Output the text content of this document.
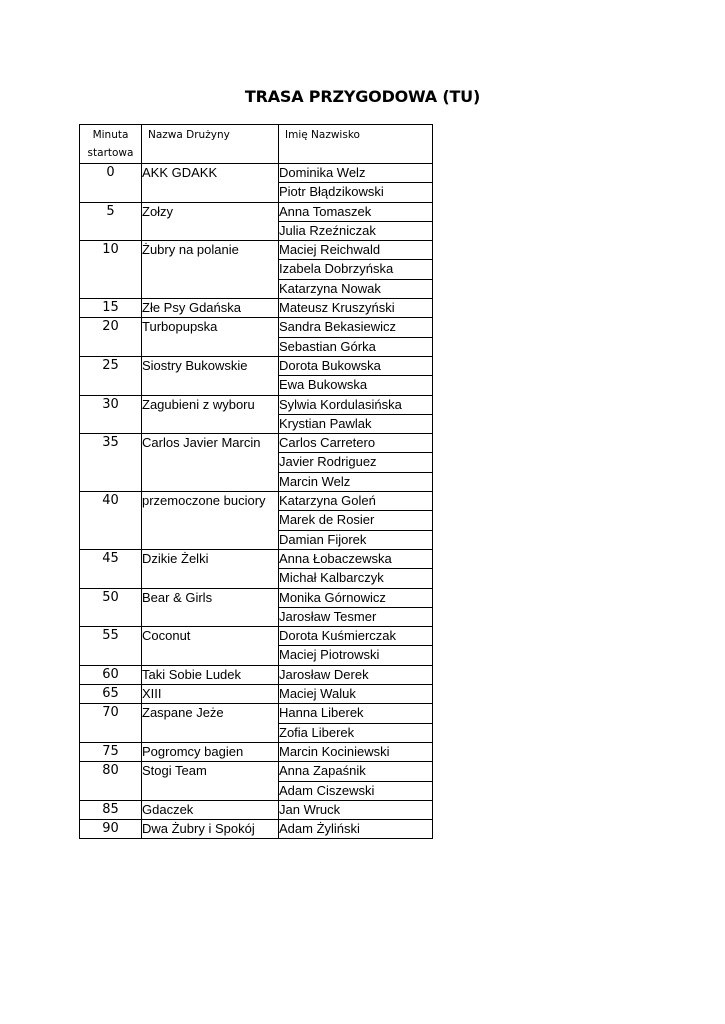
TRASA PRZYGODOWA (TU)
Minuta startowa	Nazwa Drużyny	Imię Nazwisko
0	AKK GDAKK	Dominika Welz
		Piotr Błądzikowski
5	Zołzy	Anna Tomaszek
		Julia Rzeźniczak
10	Żubry na polanie	Maciej Reichwald
		Izabela Dobrzyńska
		Katarzyna Nowak
15	Złe Psy Gdańska	Mateusz Kruszyński
20	Turbopupska	Sandra Bekasiewicz
		Sebastian Górka
25	Siostry Bukowskie	Dorota Bukowska
		Ewa Bukowska
30	Zagubieni z wyboru	Sylwia Kordulasińska
		Krystian Pawlak
35	Carlos Javier Marcin	Carlos Carretero
		Javier Rodriguez
		Marcin Welz
40	przemoczone buciory	Katarzyna Goleń
		Marek de Rosier
		Damian Fijorek
45	Dzikie Żelki	Anna Łobaczewska
		Michał Kalbarczyk
50	Bear & Girls	Monika Górnowicz
		Jarosław Tesmer
55	Coconut	Dorota Kuśmierczak
		Maciej Piotrowski
60	Taki Sobie Ludek	Jarosław Derek
65	XIII	Maciej Waluk
70	Zaspane Jeże	Hanna Liberek
		Zofia Liberek
75	Pogromcy bagien	Marcin Kociniewski
80	Stogi Team	Anna Zapaśnik
		Adam Ciszewski
85	Gdaczek	Jan Wruck
90	Dwa Żubry i Spokój	Adam Żyliński
